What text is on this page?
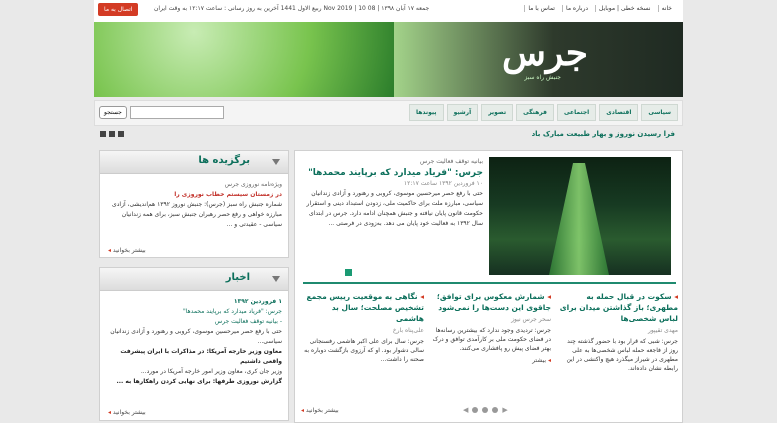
خانه
نسخه خطی | موبایل
درباره ما
تماس با ما
جمعه ۱۷ آبان ۱۳۹۸ | 08 Nov 2019 | 10 ربیع الاول 1441 آخرین به روز رسانی : ساعت ۱۲:۱۷ به وقت ایران
اتصال به ما
جرس
جنبش راه سبز
سیاسی
اقتصادی
اجتماعی
فرهنگی
تصویر
آرشیو
پیوندها
جستجو
فرا رسیدن نوروز و بهار طبیعت مبارک باد
برگزیده ها
ویژه‌نامه نوروزی جرس
در زمستان سیستم خطاب نوروزی را
شماره جنبش راه سبز (جرس): جنبش نوروز ۱۳۹۲ هم‌اندیشی، آزادی مبارزه خواهی و رفع حصر رهبران جنبش سبز، برای همه زندانیان سیاسی - عقیدتی و ...
◂ بیشتر بخوانید
اخبار
۱ فروردین ۱۳۹۲
جرس: "فریاد میدارد که برپایند محمدها"
- بیانیه توقف فعالیت جرس
حتی با رفع حصر میرحسین موسوی، کروبی و رهنورد و آزادی زندانیان سیاسی...
معاون وزیر خارجه آمریکا: در مذاکرات با ایران پیشرفت واقعی داشتیم
وزیر جان کری، معاون وزیر امور خارجه آمریکا در مورد...
گزارش نوروزی طرفها: برای نهایی کردن راهکارها به ...
◂ بیشتر بخوانید
بیانیه توقف فعالیت جرس
جرس: "فریاد میدارد که برپایند محمدها"
۱۰ فروردین ۱۳۹۲ ساعت ۱۲:۱۷
حتی با رفع حصر میرحسین موسوی، کروبی و رهنورد و آزادی زندانیان سیاسی، مبارزه ملت برای حاکمیت ملی، زدودن استبداد دینی و استقرار حکومت قانون پایان نیافته و جنبش همچنان ادامه دارد. جرس در ابتدای سال ۱۳۹۲ به فعالیت خود پایان می دهد. به‌زودی در فرصتی ...
◂ سکوت در قبال حمله به مطهری؛ باز گذاشتن میدان برای لباس شخصی‌ها
مهدی تقیپور
جرس: شبی که قرار بود با حضور گذشته چند روز از فاجعه حمله لباس شخصی‌ها به علی مطهری در شیراز میگذرد هیچ واکنشی در این رابطه نشان داده‌اند.
◂ شمارش معکوس برای توافق؛ جاقوی این دست‌ها را نمی‌شود
سحر جرس نیوز
جرس: تردیدی وجود ندارد که بیشترین رسانه‌ها در فضای حکومت ملی بر کارآمدی توافق و درک بهتر فضای پیش رو پافشاری می‌کنند.
◂ بیشتر
◂ نگاهی به موقعیت رییس مجمع تشخیص مصلحت؛ سال بد هاشمی
علی‌پناه بارخ
جرس: سال برای علی اکبر هاشمی رفسنجانی سالی دشوار بود. او که آرزوی بازگشت دوباره به صحنه را داشت...
◀	▶
◂ بیشتر بخوانید
